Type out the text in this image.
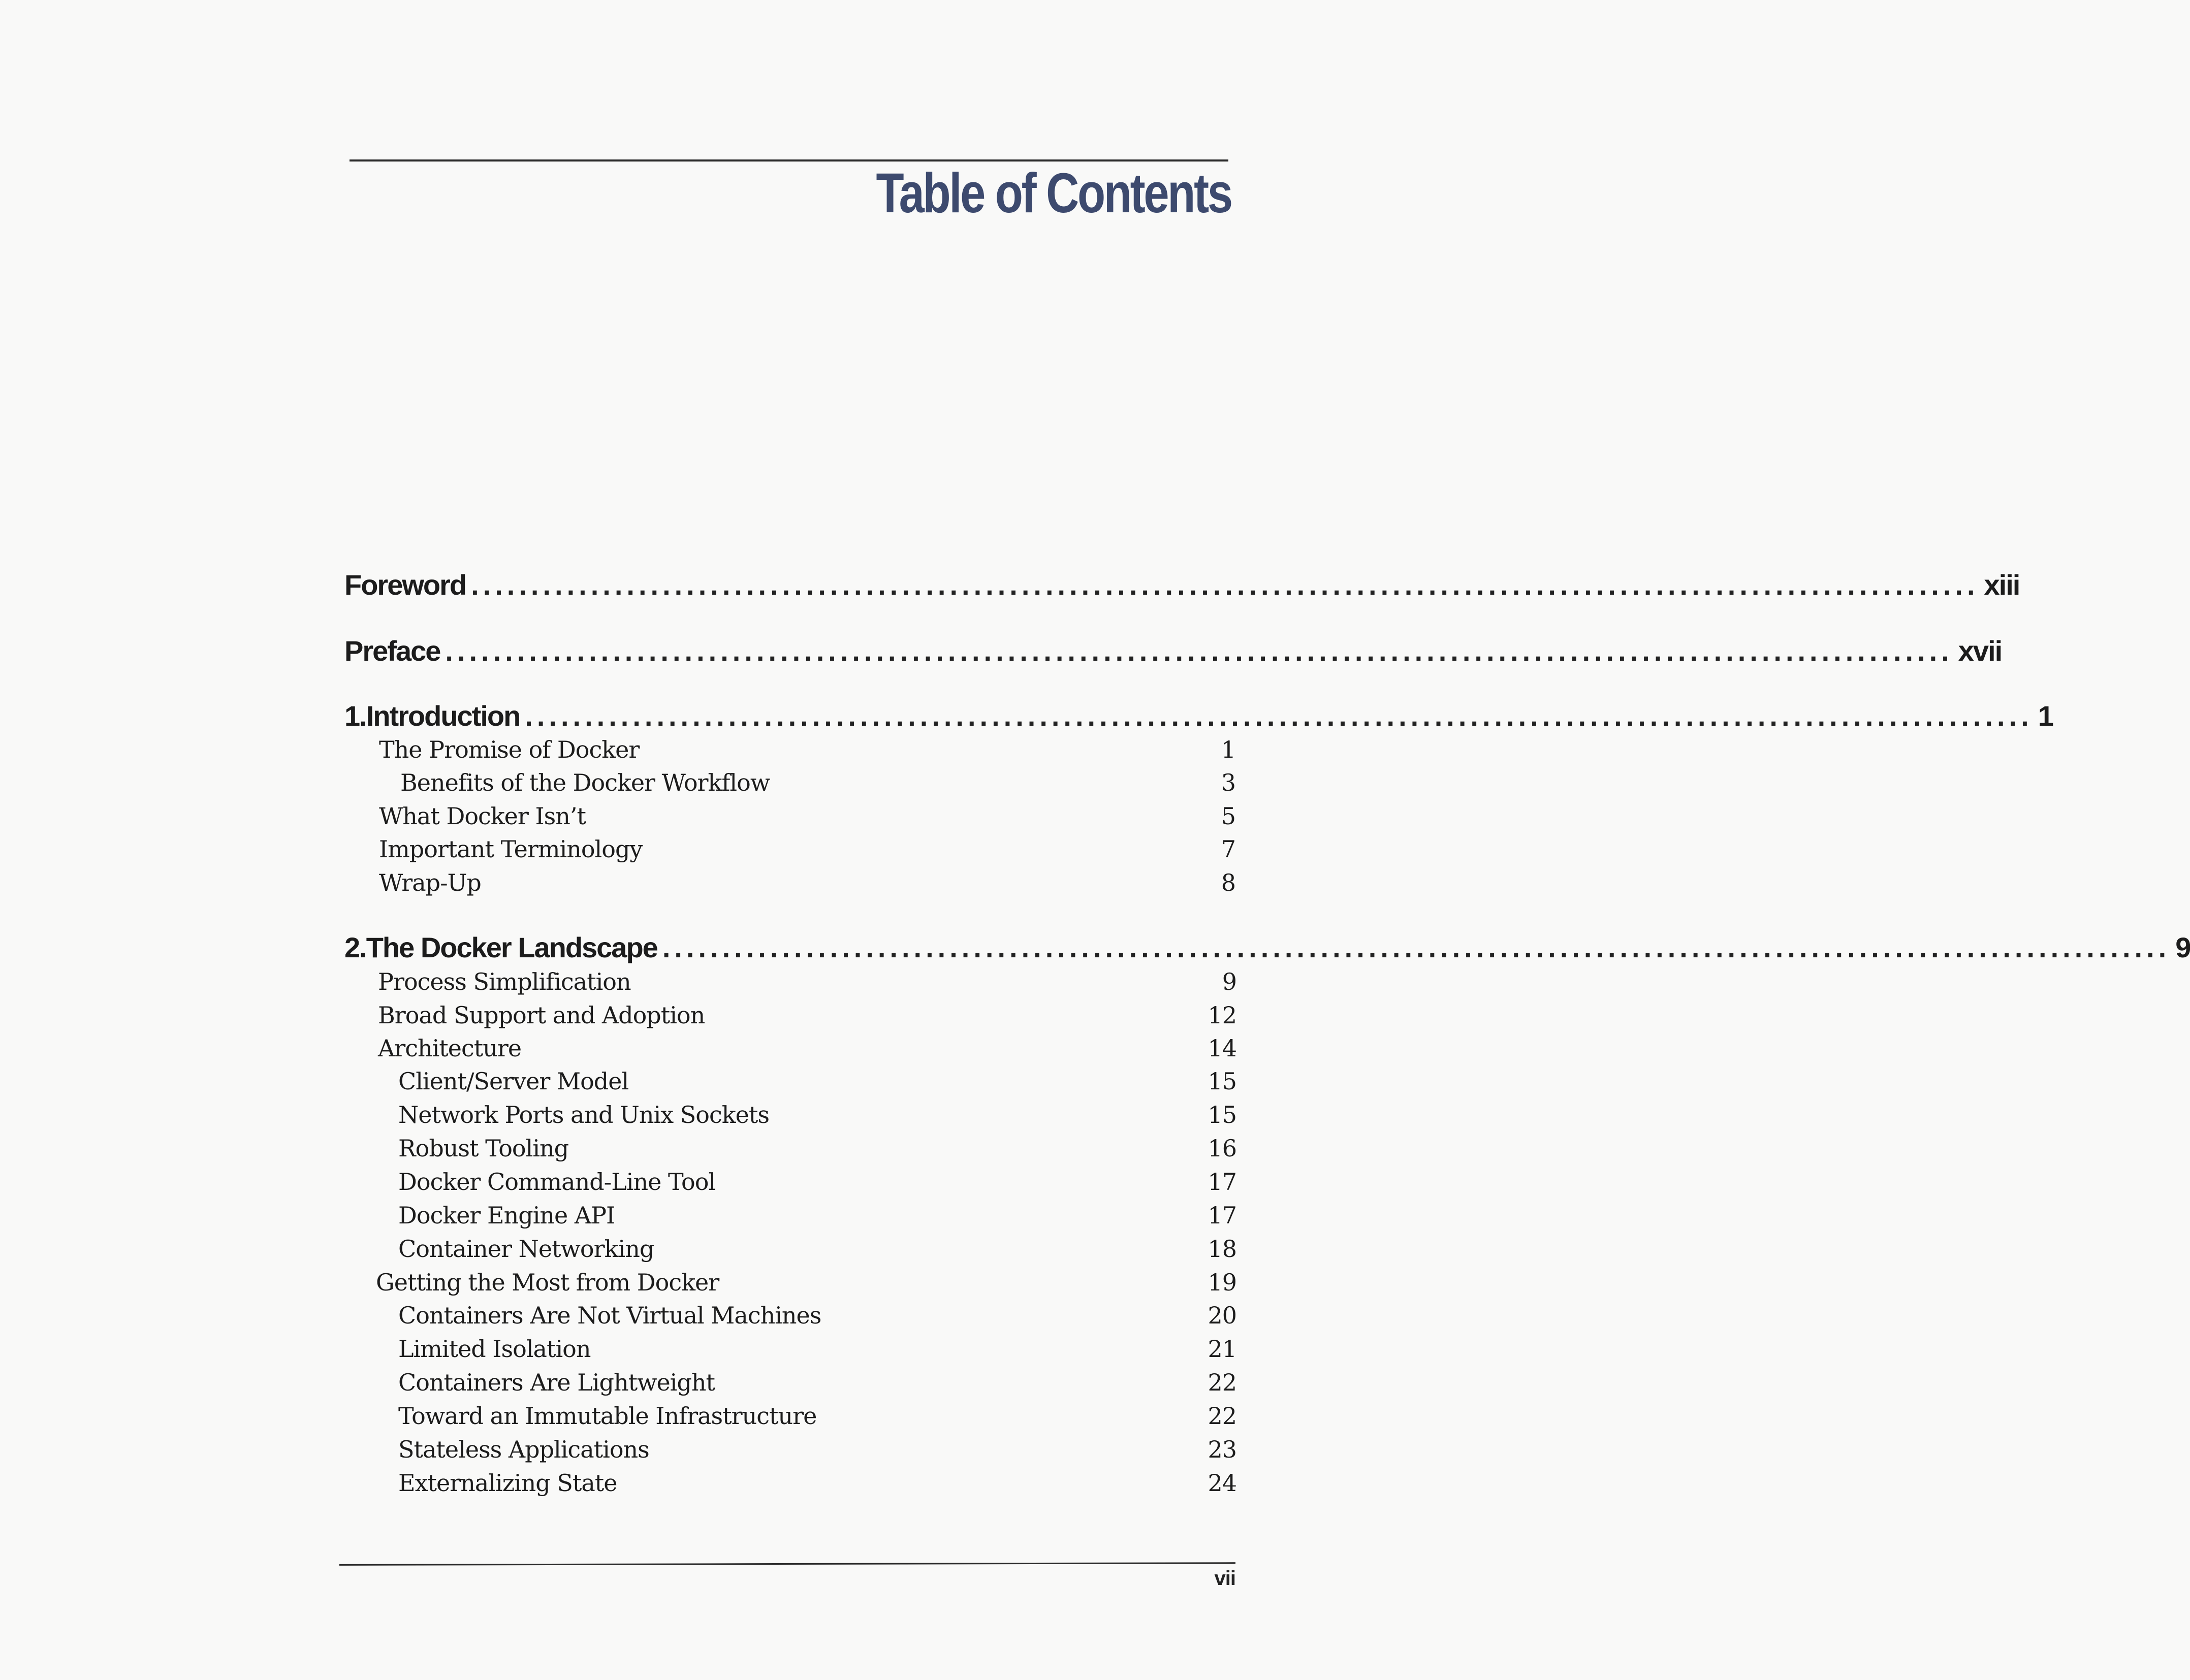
Table of Contents
Foreword .............................................................................................................................. xiii
Preface .............................................................................................................................. xvii
1. Introduction .............................................................................................................................. 1
The Promise of Docker	1
Benefits of the Docker Workflow	3
What Docker Isn’t	5
Important Terminology	7
Wrap-Up	8
2. The Docker Landscape .............................................................................................................................. 9
Process Simplification	9
Broad Support and Adoption	12
Architecture	14
Client/Server Model	15
Network Ports and Unix Sockets	15
Robust Tooling	16
Docker Command-Line Tool	17
Docker Engine API	17
Container Networking	18
Getting the Most from Docker	19
Containers Are Not Virtual Machines	20
Limited Isolation	21
Containers Are Lightweight	22
Toward an Immutable Infrastructure	22
Stateless Applications	23
Externalizing State	24
vii
